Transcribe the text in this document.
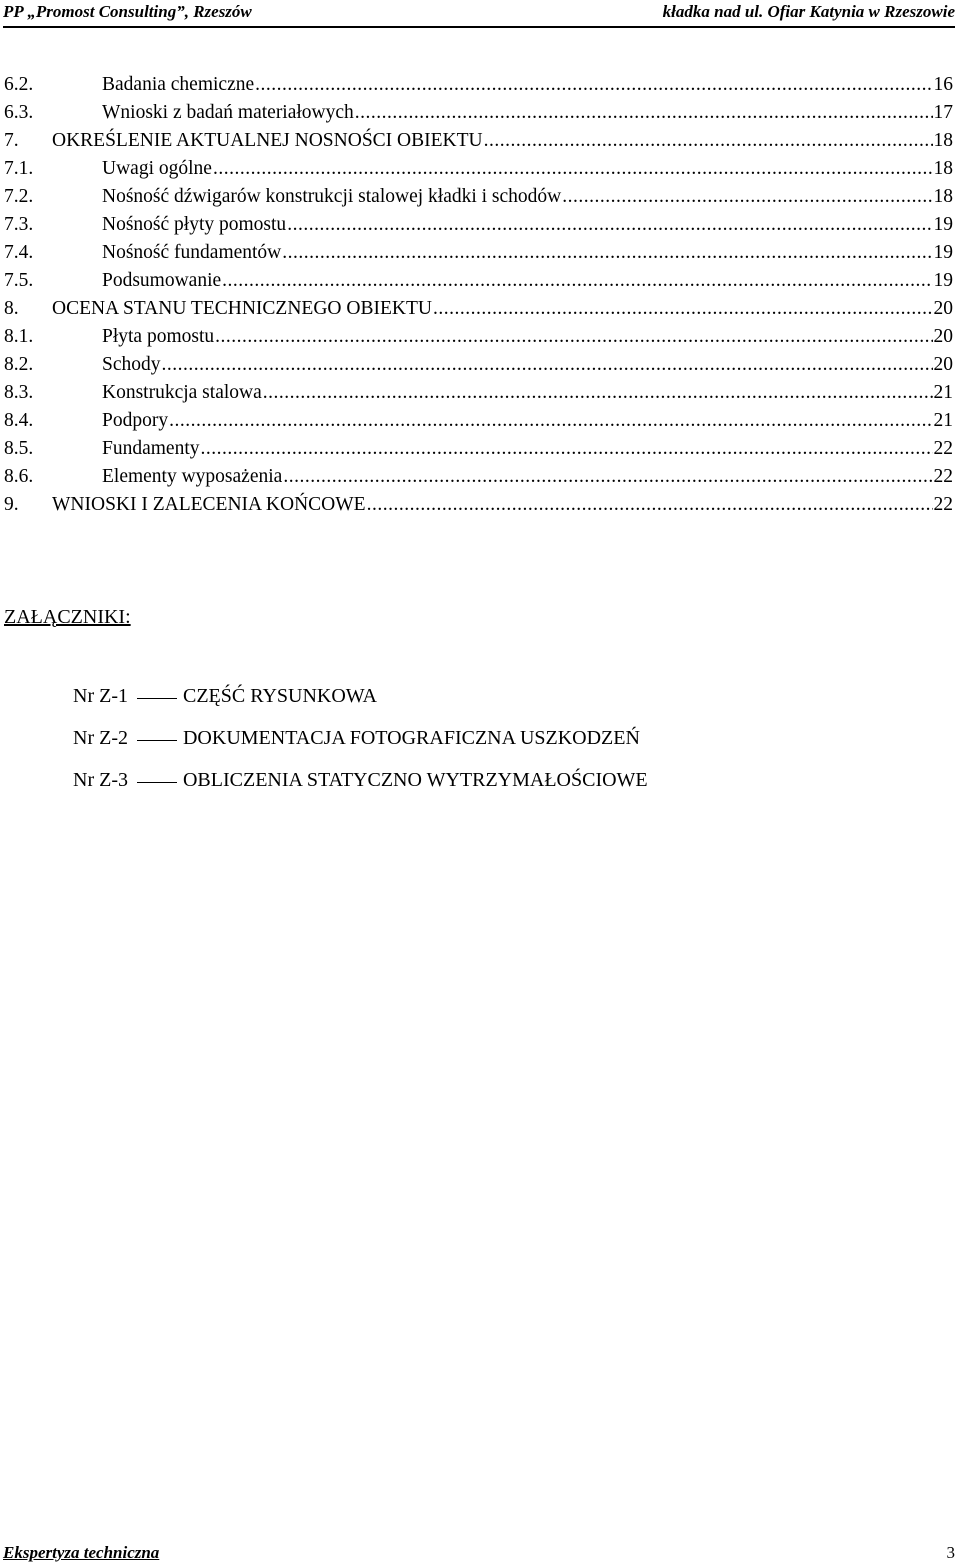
PP „Promost Consulting”, Rzeszów	kładka nad ul. Ofiar Katynia w Rzeszowie
6.2.	Badania chemiczne .....	16
6.3.	Wnioski z badań materiałowych .....	17
7.	OKREŚLENIE AKTUALNEJ NOSNOŚCI OBIEKTU .....	18
7.1.	Uwagi ogólne .....	18
7.2.	Nośność dźwigarów konstrukcji stalowej kładki i schodów .....	18
7.3.	Nośność płyty pomostu .....	19
7.4.	Nośność fundamentów .....	19
7.5.	Podsumowanie .....	19
8.	OCENA STANU TECHNICZNEGO OBIEKTU .....	20
8.1.	Płyta pomostu .....	20
8.2.	Schody .....	20
8.3.	Konstrukcja stalowa .....	21
8.4.	Podpory .....	21
8.5.	Fundamenty .....	22
8.6.	Elementy wyposażenia .....	22
9.	WNIOSKI I ZALECENIA KOŃCOWE .....	22
ZAŁĄCZNIKI:
Nr Z-1	CZĘŚĆ RYSUNKOWA
Nr Z-2	DOKUMENTACJA FOTOGRAFICZNA USZKODZEŃ
Nr Z-3	OBLICZENIA STATYCZNO WYTRZYMAŁOŚCIOWE
Ekspertyza techniczna	3
